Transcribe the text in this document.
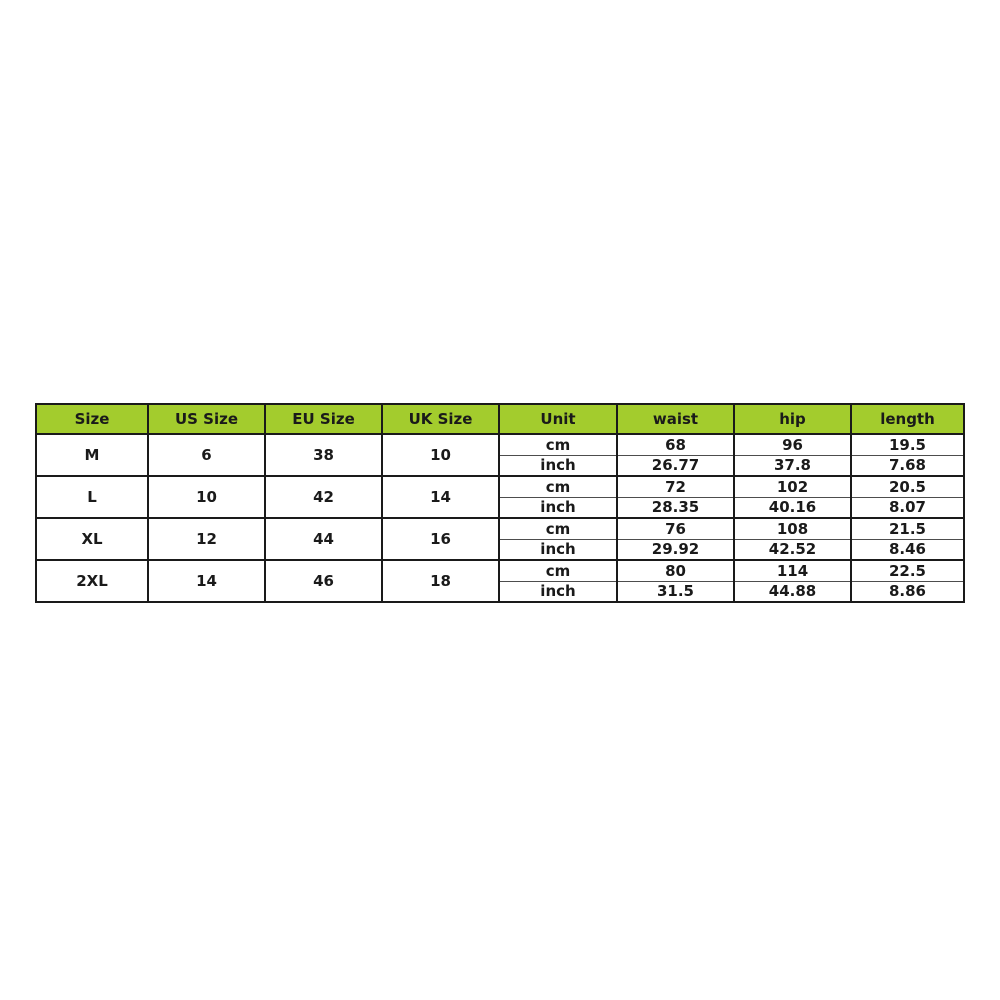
Size	US Size	EU Size	UK Size	Unit	waist	hip	length
M	6	38	10	cm	68	96	19.5
				inch	26.77	37.8	7.68
L	10	42	14	cm	72	102	20.5
				inch	28.35	40.16	8.07
XL	12	44	16	cm	76	108	21.5
				inch	29.92	42.52	8.46
2XL	14	46	18	cm	80	114	22.5
				inch	31.5	44.88	8.86
